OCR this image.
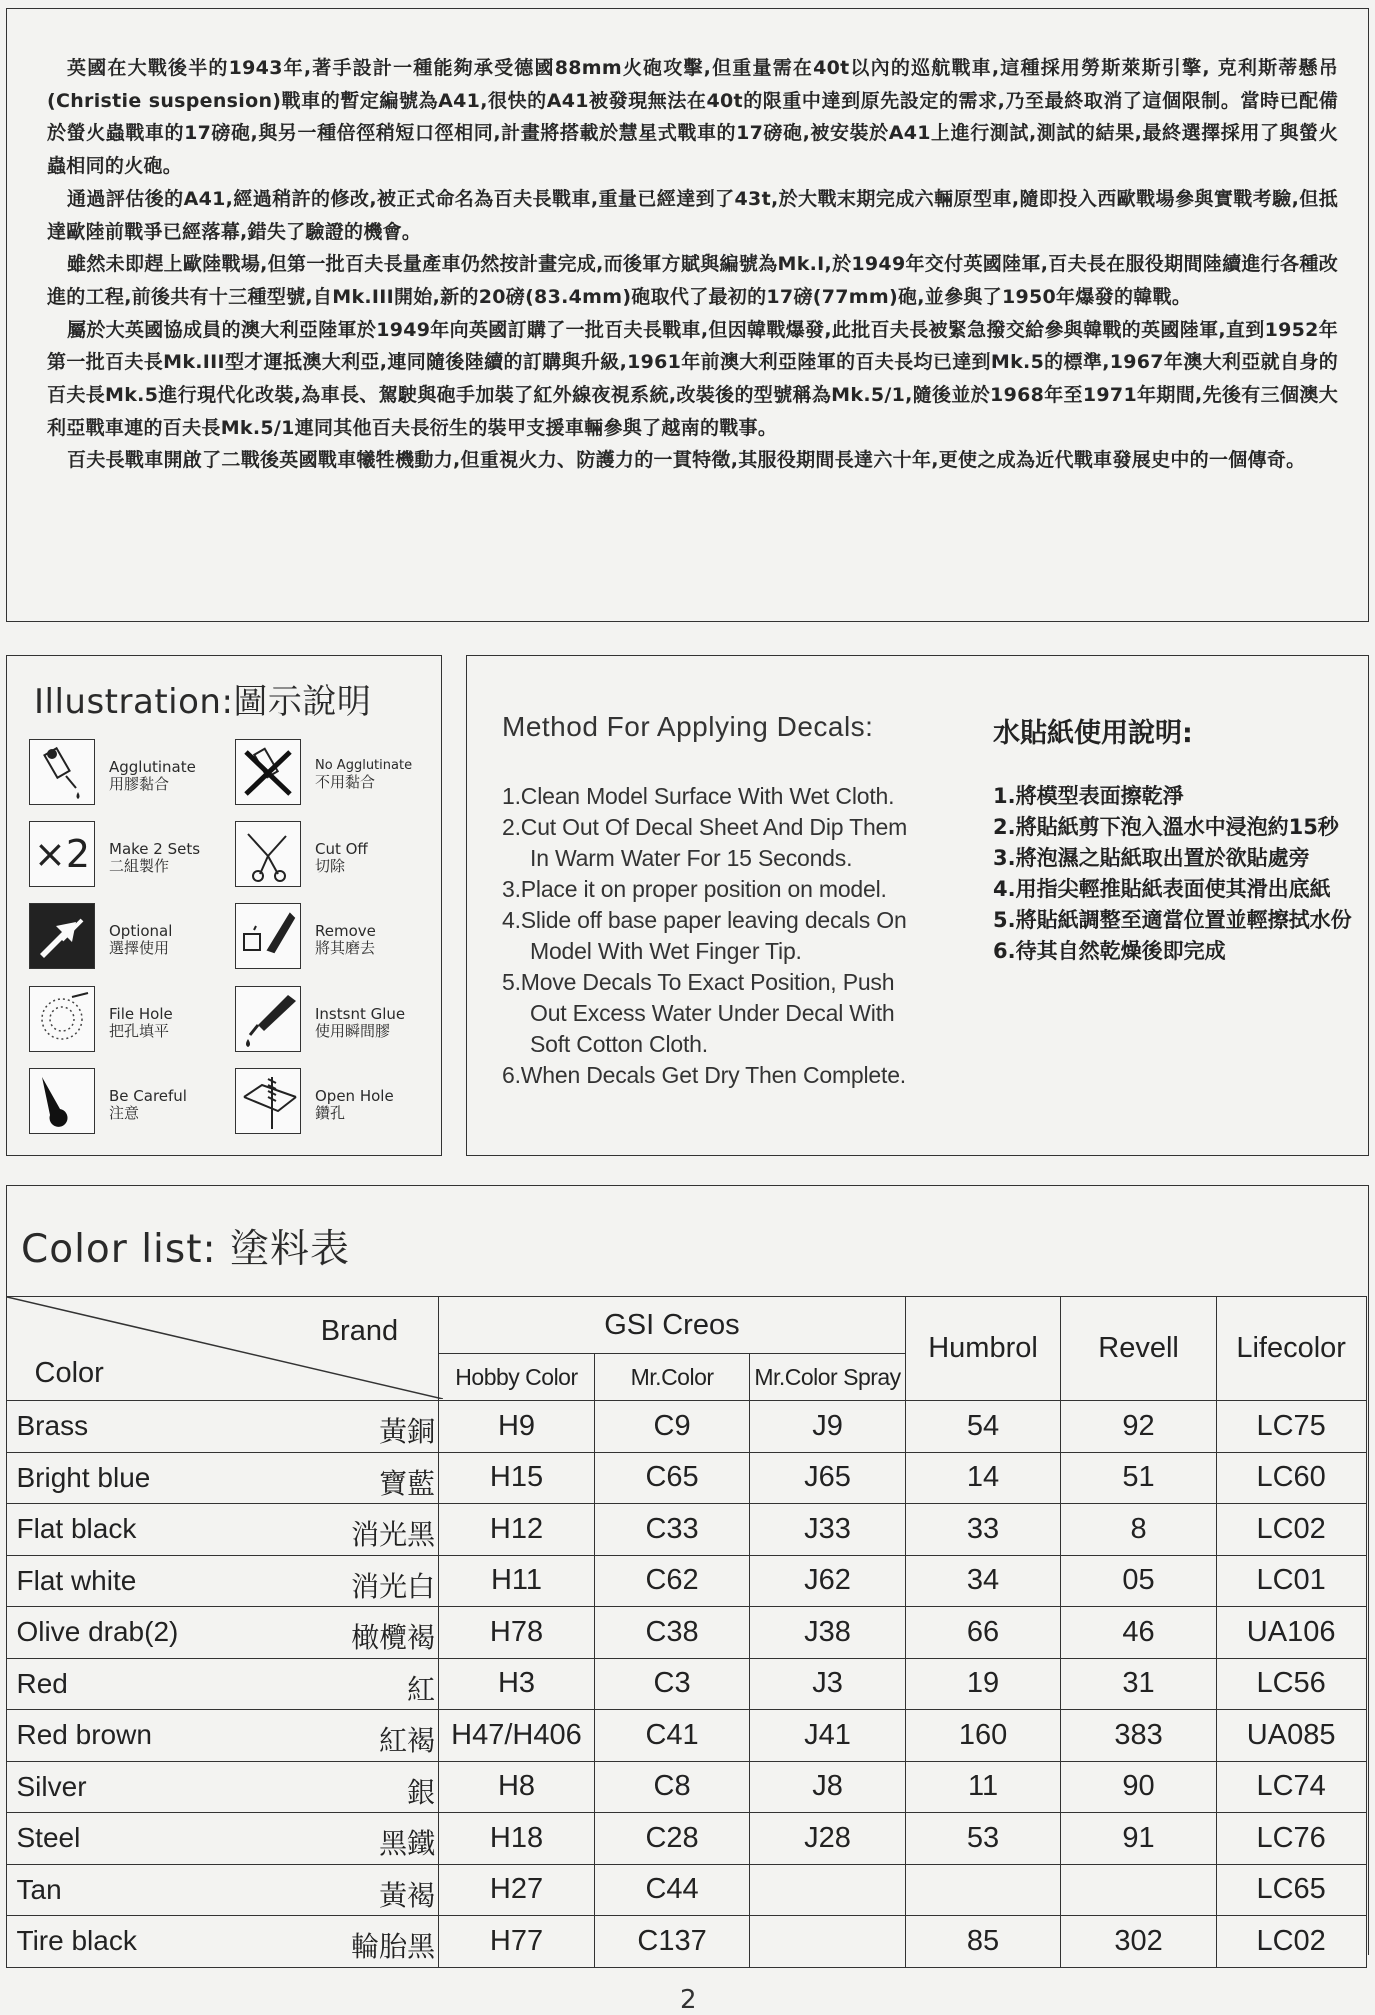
英國在大戰後半的1943年,著手設計一種能夠承受德國88mm火砲攻擊,但重量需在40t以內的巡航戰車,這種採用勞斯萊斯引擎, 克利斯蒂懸吊(Christie suspension)戰車的暫定編號為A41,很快的A41被發現無法在40t的限重中達到原先設定的需求,乃至最終取消了這個限制。當時已配備於螢火蟲戰車的17磅砲,與另一種倍徑稍短口徑相同,計畫將搭載於慧星式戰車的17磅砲,被安裝於A41上進行測試,測試的結果,最終選擇採用了與螢火蟲相同的火砲。

通過評估後的A41,經過稍許的修改,被正式命名為百夫長戰車,重量已經達到了43t,於大戰末期完成六輛原型車,隨即投入西歐戰場參與實戰考驗,但抵達歐陸前戰爭已經落幕,錯失了驗證的機會。

雖然未即趕上歐陸戰場,但第一批百夫長量產車仍然按計畫完成,而後軍方賦與編號為Mk.I,於1949年交付英國陸軍,百夫長在服役期間陸續進行各種改進的工程,前後共有十三種型號,自Mk.III開始,新的20磅(83.4mm)砲取代了最初的17磅(77mm)砲,並參與了1950年爆發的韓戰。

屬於大英國協成員的澳大利亞陸軍於1949年向英國訂購了一批百夫長戰車,但因韓戰爆發,此批百夫長被緊急撥交給參與韓戰的英國陸軍,直到1952年第一批百夫長Mk.III型才運抵澳大利亞,連同隨後陸續的訂購與升級,1961年前澳大利亞陸軍的百夫長均已達到Mk.5的標準,1967年澳大利亞就自身的百夫長Mk.5進行現代化改裝,為車長、駕駛與砲手加裝了紅外線夜視系統,改裝後的型號稱為Mk.5/1,隨後並於1968年至1971年期間,先後有三個澳大利亞戰車連的百夫長Mk.5/1連同其他百夫長衍生的裝甲支援車輛參與了越南的戰事。

百夫長戰車開啟了二戰後英國戰車犧牲機動力,但重視火力、防護力的一貫特徵,其服役期間長達六十年,更使之成為近代戰車發展史中的一個傳奇。

Illustration:圖示說明
Agglutinate
用膠黏合
No Agglutinate
不用黏合
×2 Make 2 Sets
二組製作
Cut Off
切除
Optional
選擇使用
Remove
將其磨去
File Hole
把孔填平
Instsnt Glue
使用瞬間膠
Be Careful
注意
Open Hole
鑽孔
Method For Applying Decals:
1.Clean Model Surface With Wet Cloth.
2.Cut Out Of Decal Sheet And Dip Them In Warm Water For 15 Seconds.
3.Place it on proper position on model.
4.Slide off base paper leaving decals On Model With Wet Finger Tip.
5.Move Decals To Exact Position, Push Out Excess Water Under Decal With Soft Cotton Cloth.
6.When Decals Get Dry Then Complete.
水貼紙使用說明:
1.將模型表面擦乾淨
2.將貼紙剪下泡入溫水中浸泡約15秒
3.將泡濕之貼紙取出置於欲貼處旁
4.用指尖輕推貼紙表面使其滑出底紙
5.將貼紙調整至適當位置並輕擦拭水份
6.待其自然乾燥後即完成
Color list: 塗料表
Brand
Color	GSI Creos			Humbrol	Revell	Lifecolor
	Hobby Color	Mr.Color	Mr.Color Spray			

Brass 黃銅	H9	C9	J9	54	92	LC75

Bright blue 寶藍	H15	C65	J65	14	51	LC60

Flat black 消光黑	H12	C33	J33	33	8	LC02

Flat white 消光白	H11	C62	J62	34	05	LC01

Olive drab(2) 橄欖褐	H78	C38	J38	66	46	UA106

Red 紅	H3	C3	J3	19	31	LC56

Red brown 紅褐	H47/H406	C41	J41	160	383	UA085

Silver 銀	H8	C8	J8	11	90	LC74

Steel 黑鐵	H18	C28	J28	53	91	LC76

Tan 黃褐	H27	C44				LC65

Tire black 輪胎黑	H77	C137		85	302	LC02
2
